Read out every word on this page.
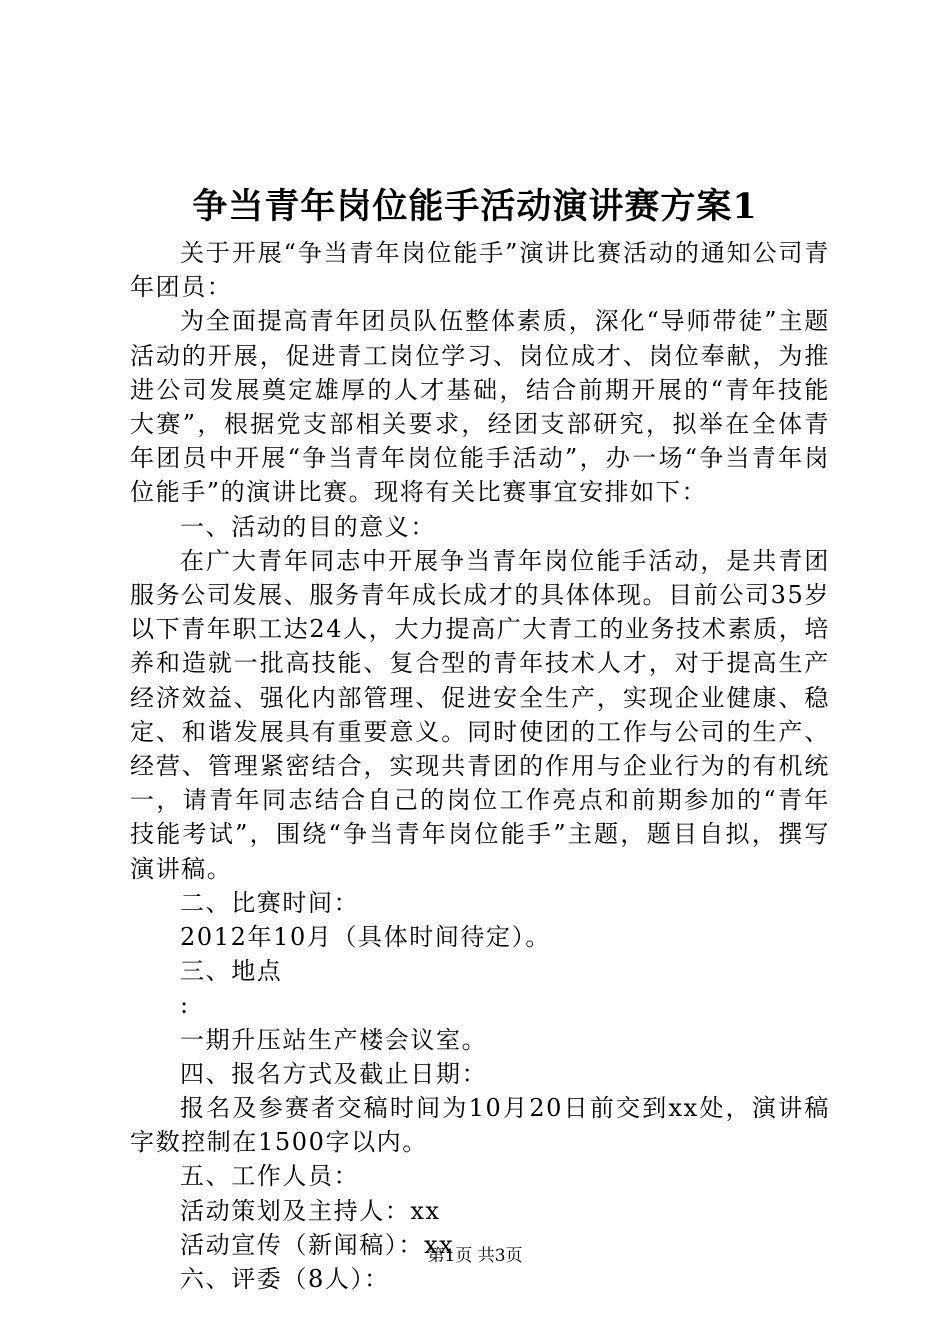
争当青年岗位能手活动演讲赛方案1

关于开展“争当青年岗位能手”演讲比赛活动的通知公司青年团员：

为全面提高青年团员队伍整体素质，深化“导师带徒”主题活动的开展，促进青工岗位学习、岗位成才、岗位奉献，为推进公司发展奠定雄厚的人才基础，结合前期开展的“青年技能大赛”，根据党支部相关要求，经团支部研究，拟举在全体青年团员中开展“争当青年岗位能手活动”，办一场“争当青年岗位能手”的演讲比赛。现将有关比赛事宜安排如下：

一、活动的目的意义：

在广大青年同志中开展争当青年岗位能手活动，是共青团服务公司发展、服务青年成长成才的具体体现。目前公司35岁以下青年职工达24人，大力提高广大青工的业务技术素质，培养和造就一批高技能、复合型的青年技术人才，对于提高生产经济效益、强化内部管理、促进安全生产，实现企业健康、稳定、和谐发展具有重要意义。同时使团的工作与公司的生产、经营、管理紧密结合，实现共青团的作用与企业行为的有机统一，请青年同志结合自己的岗位工作亮点和前期参加的“青年技能考试”，围绕“争当青年岗位能手”主题，题目自拟，撰写演讲稿。

二、比赛时间：

2012年10月（具体时间待定）。

三、地点

:

一期升压站生产楼会议室。

四、报名方式及截止日期：

报名及参赛者交稿时间为10月20日前交到xx处，演讲稿字数控制在1500字以内。

五、工作人员：

活动策划及主持人：xx

活动宣传（新闻稿）：xx

六、评委（8人）：

第1页 共3页
